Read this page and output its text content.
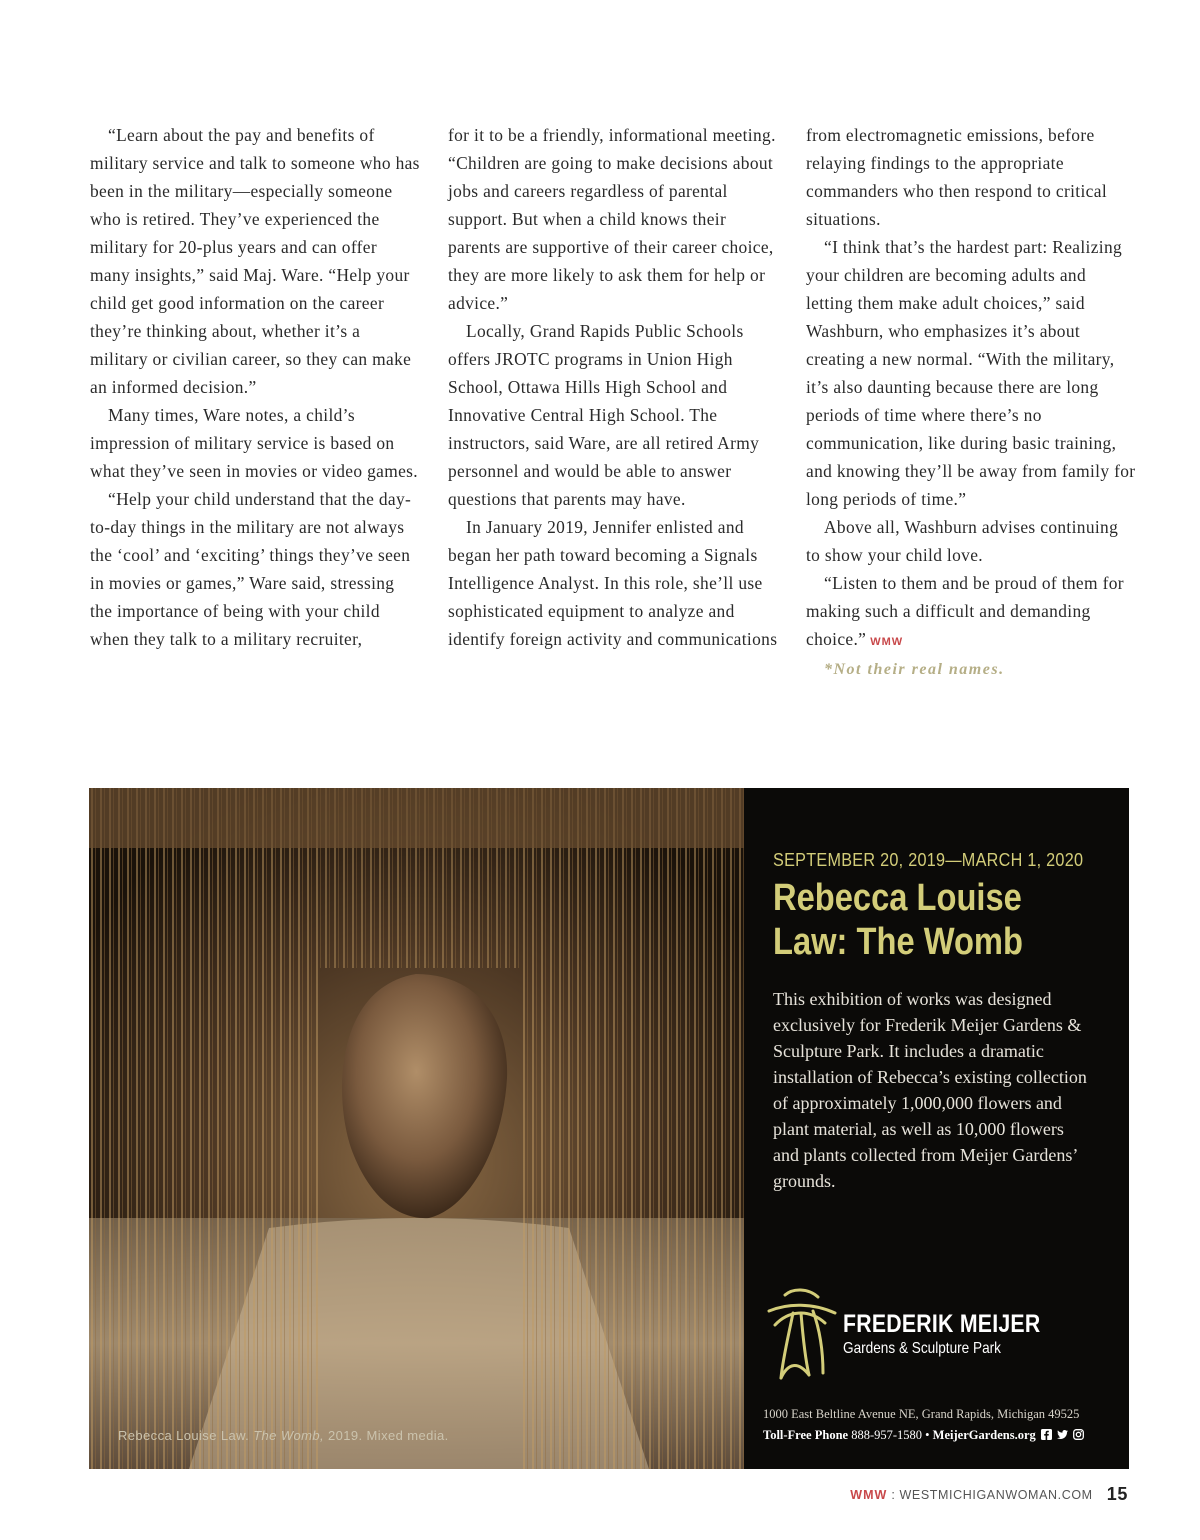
“Learn about the pay and benefits of military service and talk to someone who has been in the military—especially someone who is retired. They’ve experienced the military for 20-plus years and can offer many insights,” said Maj. Ware. “Help your child get good information on the career they’re thinking about, whether it’s a military or civilian career, so they can make an informed decision.”

Many times, Ware notes, a child’s impression of military service is based on what they’ve seen in movies or video games.

“Help your child understand that the day-to-day things in the military are not always the ‘cool’ and ‘exciting’ things they’ve seen in movies or games,” Ware said, stressing the importance of being with your child when they talk to a military recruiter,

for it to be a friendly, informational meeting. “Children are going to make decisions about jobs and careers regardless of parental support. But when a child knows their parents are supportive of their career choice, they are more likely to ask them for help or advice.”

Locally, Grand Rapids Public Schools offers JROTC programs in Union High School, Ottawa Hills High School and Innovative Central High School. The instructors, said Ware, are all retired Army personnel and would be able to answer questions that parents may have.

In January 2019, Jennifer enlisted and began her path toward becoming a Signals Intelligence Analyst. In this role, she’ll use sophisticated equipment to analyze and identify foreign activity and communications

from electromagnetic emissions, before relaying findings to the appropriate commanders who then respond to critical situations.

“I think that’s the hardest part: Realizing your children are becoming adults and letting them make adult choices,” said Washburn, who emphasizes it’s about creating a new normal. “With the military, it’s also daunting because there are long periods of time where there’s no communication, like during basic training, and knowing they’ll be away from family for long periods of time.”

Above all, Washburn advises continuing to show your child love.

“Listen to them and be proud of them for making such a difficult and demanding choice.” WMW

*Not their real names.

Rebecca Louise Law. The Womb, 2019. Mixed media.
SEPTEMBER 20, 2019—MARCH 1, 2020
Rebecca Louise Law: The Womb
This exhibition of works was designed exclusively for Frederik Meijer Gardens & Sculpture Park. It includes a dramatic installation of Rebecca’s existing collection of approximately 1,000,000 flowers and plant material, as well as 10,000 flowers and plants collected from Meijer Gardens’ grounds.
FREDERIK MEIJER
Gardens & Sculpture Park
1000 East Beltline Avenue NE, Grand Rapids, Michigan 49525
Toll-Free Phone 888-957-1580 • MeijerGardens.org
WMW : WESTMICHIGANWOMAN.COM 15
